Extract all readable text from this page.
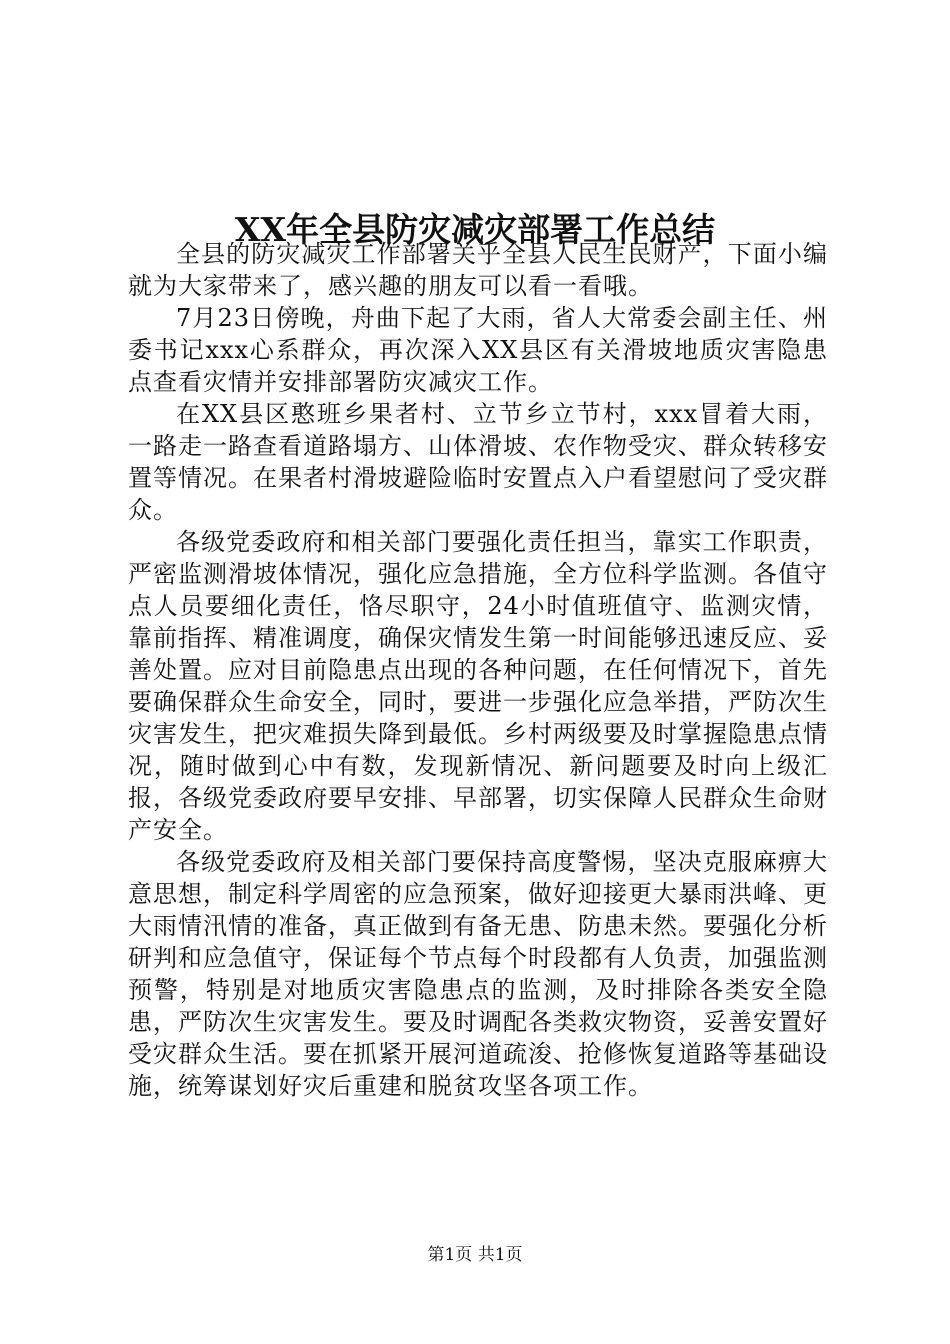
XX年全县防灾减灾部署工作总结

全县的防灾减灾工作部署关乎全县人民生民财产，下面小编就为大家带来了，感兴趣的朋友可以看一看哦。

7月23日傍晚，舟曲下起了大雨，省人大常委会副主任、州委书记xxx心系群众，再次深入XX县区有关滑坡地质灾害隐患点查看灾情并安排部署防灾减灾工作。

在XX县区憨班乡果者村、立节乡立节村，xxx冒着大雨，一路走一路查看道路塌方、山体滑坡、农作物受灾、群众转移安置等情况。在果者村滑坡避险临时安置点入户看望慰问了受灾群众。

各级党委政府和相关部门要强化责任担当，靠实工作职责，严密监测滑坡体情况，强化应急措施，全方位科学监测。各值守点人员要细化责任，恪尽职守，24小时值班值守、监测灾情，靠前指挥、精准调度，确保灾情发生第一时间能够迅速反应、妥善处置。应对目前隐患点出现的各种问题，在任何情况下，首先要确保群众生命安全，同时，要进一步强化应急举措，严防次生灾害发生，把灾难损失降到最低。乡村两级要及时掌握隐患点情况，随时做到心中有数，发现新情况、新问题要及时向上级汇报，各级党委政府要早安排、早部署，切实保障人民群众生命财产安全。

各级党委政府及相关部门要保持高度警惕，坚决克服麻痹大意思想，制定科学周密的应急预案，做好迎接更大暴雨洪峰、更大雨情汛情的准备，真正做到有备无患、防患未然。要强化分析研判和应急值守，保证每个节点每个时段都有人负责，加强监测预警，特别是对地质灾害隐患点的监测，及时排除各类安全隐患，严防次生灾害发生。要及时调配各类救灾物资，妥善安置好受灾群众生活。要在抓紧开展河道疏浚、抢修恢复道路等基础设施，统筹谋划好灾后重建和脱贫攻坚各项工作。

第1页 共1页
